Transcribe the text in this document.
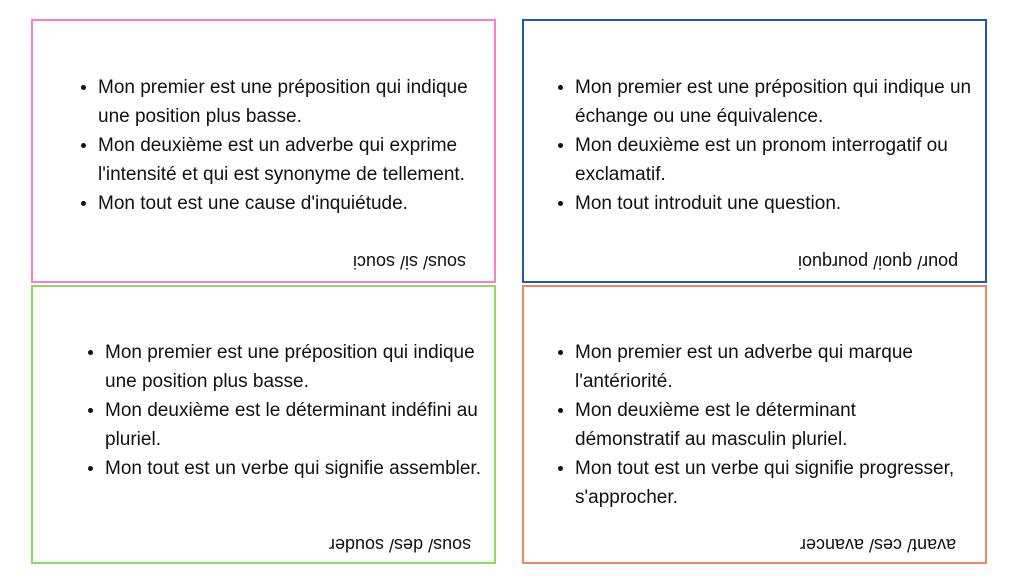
Mon premier est une préposition qui indique une position plus basse.
Mon deuxième est un adverbe qui exprime l'intensité et qui est synonyme de tellement.
Mon tout est une cause d'inquiétude.
sous/ si/ souci
Mon premier est une préposition qui indique un échange ou une équivalence.
Mon deuxième est un pronom interrogatif ou exclamatif.
Mon tout introduit une question.
pour/ quoi/ pourquoi
Mon premier est une préposition qui indique une position plus basse.
Mon deuxième est le déterminant indéfini au pluriel.
Mon tout est un verbe qui signifie assembler.
sous/ des/ souder
Mon premier est un adverbe qui marque l'antériorité.
Mon deuxième est le déterminant démonstratif au masculin pluriel.
Mon tout est un verbe qui signifie progresser, s'approcher.
avant/ ces/ avancer
